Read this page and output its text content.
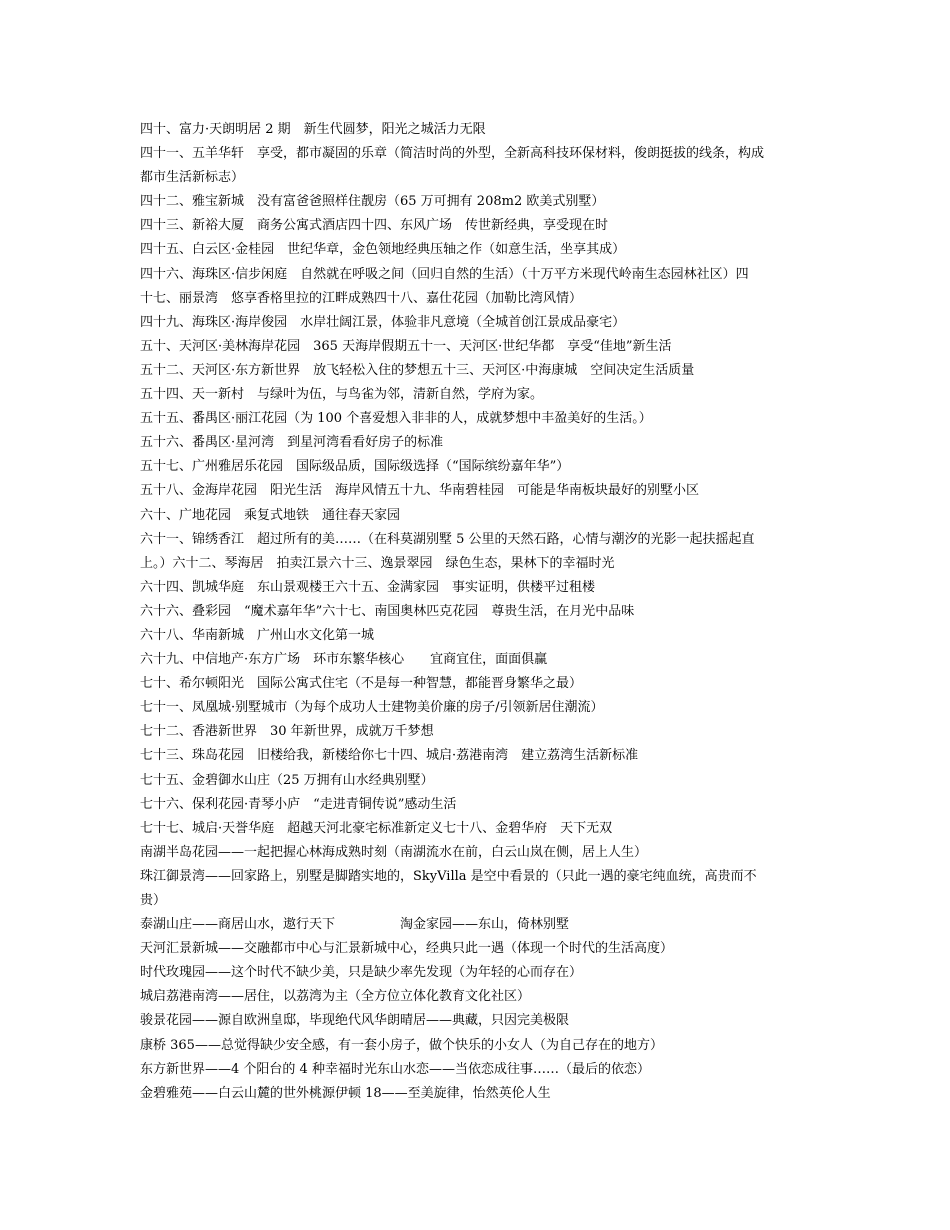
四十、富力·天朗明居 2 期　新生代圆梦，阳光之城活力无限
四十一、五羊华轩　享受，都市凝固的乐章（简洁时尚的外型，全新高科技环保材料，俊朗挺拔的线条，构成
都市生活新标志）
四十二、雅宝新城　没有富爸爸照样住靓房（65 万可拥有 208m2 欧美式别墅）
四十三、新裕大厦　商务公寓式酒店四十四、东风广场　传世新经典，享受现在时
四十五、白云区·金桂园　世纪华章，金色领地经典压轴之作（如意生活，坐享其成）
四十六、海珠区·信步闲庭　自然就在呼吸之间（回归自然的生活）（十万平方米现代岭南生态园林社区）四
十七、丽景湾　悠享香格里拉的江畔成熟四十八、嘉仕花园（加勒比湾风情）
四十九、海珠区·海岸俊园　水岸壮阔江景，体验非凡意境（全城首创江景成品豪宅）
五十、天河区·美林海岸花园　365 天海岸假期五十一、天河区·世纪华都　享受“佳地”新生活
五十二、天河区·东方新世界　放飞轻松入住的梦想五十三、天河区·中海康城　空间决定生活质量
五十四、天一新村　与绿叶为伍，与鸟雀为邻，清新自然，学府为家。
五十五、番禺区·丽江花园（为 100 个喜爱想入非非的人，成就梦想中丰盈美好的生活。）
五十六、番禺区·星河湾　到星河湾看看好房子的标准
五十七、广州雅居乐花园　国际级品质，国际级选择（“国际缤纷嘉年华”）
五十八、金海岸花园　阳光生活　海岸风情五十九、华南碧桂园　可能是华南板块最好的别墅小区
六十、广地花园　乘复式地铁　通往春天家园
六十一、锦绣香江　超过所有的美……（在科莫湖别墅 5 公里的天然石路，心情与潮汐的光影一起扶摇起直
上。）六十二、琴海居　拍卖江景六十三、逸景翠园　绿色生态，果林下的幸福时光
六十四、凯城华庭　东山景观楼王六十五、金满家园　事实证明，供楼平过租楼
六十六、叠彩园　“魔术嘉年华”六十七、南国奥林匹克花园　尊贵生活，在月光中品味
六十八、华南新城　广州山水文化第一城
六十九、中信地产·东方广场　环市东繁华核心　　宜商宜住，面面俱赢
七十、希尔顿阳光　国际公寓式住宅（不是每一种智慧，都能晋身繁华之最）
七十一、凤凰城·别墅城市（为每个成功人士建物美价廉的房子/引领新居住潮流）
七十二、香港新世界　30 年新世界，成就万千梦想
七十三、珠岛花园　旧楼给我，新楼给你七十四、城启·荔港南湾　建立荔湾生活新标准
七十五、金碧御水山庄（25 万拥有山水经典别墅）
七十六、保利花园·青琴小庐　“走进青铜传说”感动生活
七十七、城启·天誉华庭　超越天河北豪宅标准新定义七十八、金碧华府　天下无双
南湖半岛花园——一起把握心林海成熟时刻（南湖流水在前，白云山岚在侧，居上人生）
珠江御景湾——回家路上，别墅是脚踏实地的，SkyVilla 是空中看景的（只此一遇的豪宅纯血统，高贵而不
贵）
泰湖山庄——商居山水，遨行天下　　　　　淘金家园——东山，倚林别墅
天河汇景新城——交融都市中心与汇景新城中心，经典只此一遇（体现一个时代的生活高度）
时代玫瑰园——这个时代不缺少美，只是缺少率先发现（为年轻的心而存在）
城启荔港南湾——居住，以荔湾为主（全方位立体化教育文化社区）
骏景花园——源自欧洲皇邸，毕现绝代风华朗晴居——典藏，只因完美极限
康桥 365——总觉得缺少安全感，有一套小房子，做个快乐的小女人（为自己存在的地方）
东方新世界——4 个阳台的 4 种幸福时光东山水恋——当依恋成往事……（最后的依恋）
金碧雅苑——白云山麓的世外桃源伊顿 18——至美旋律，怡然英伦人生
